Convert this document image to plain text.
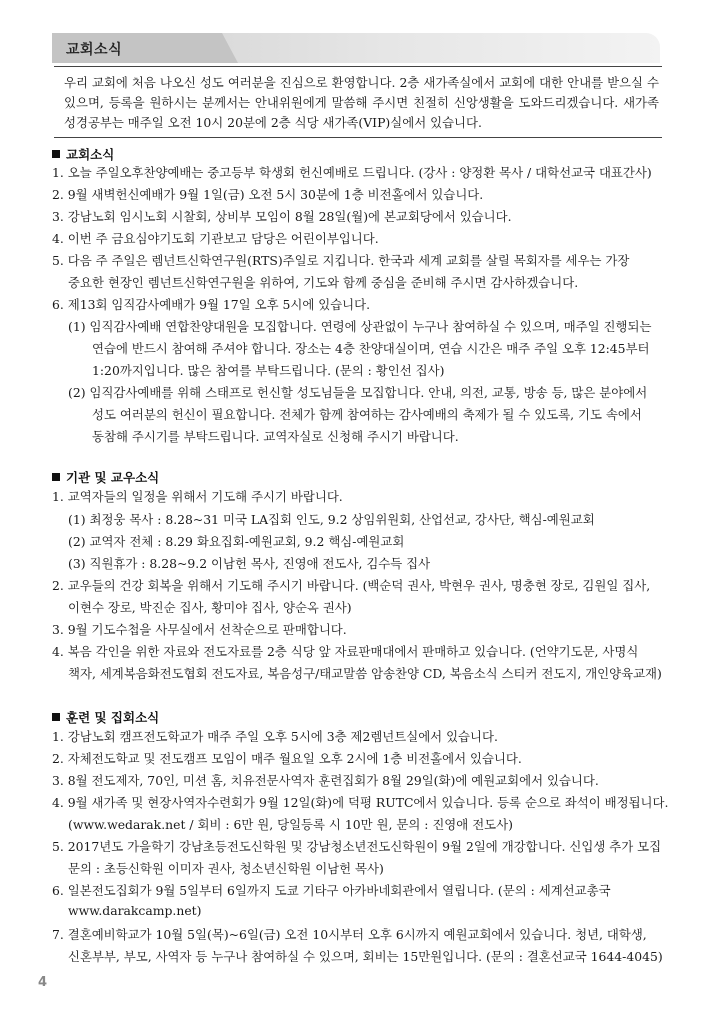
교회소식
우리 교회에 처음 나오신 성도 여러분을 진심으로 환영합니다. 2층 새가족실에서 교회에 대한 안내를 받으실 수 있으며, 등록을 원하시는 분께서는 안내위원에게 말씀해 주시면 친절히 신앙생활을 도와드리겠습니다. 새가족 성경공부는 매주일 오전 10시 20분에 2층 식당 새가족(VIP)실에서 있습니다.
교회소식
1. 오늘 주일오후찬양예배는 중고등부 학생회 헌신예배로 드립니다. (강사 : 양정환 목사 / 대학선교국 대표간사)
2. 9월 새벽헌신예배가 9월 1일(금) 오전 5시 30분에 1층 비전홀에서 있습니다.
3. 강남노회 임시노회 시찰회, 상비부 모임이 8월 28일(월)에 본교회당에서 있습니다.
4. 이번 주 금요심야기도회 기관보고 담당은 어린이부입니다.
5. 다음 주 주일은 렘넌트신학연구원(RTS)주일로 지킵니다. 한국과 세계 교회를 살릴 목회자를 세우는 가장
중요한 현장인 렘넌트신학연구원을 위하여, 기도와 함께 중심을 준비해 주시면 감사하겠습니다.
6. 제13회 임직감사예배가 9월 17일 오후 5시에 있습니다.
(1) 임직감사예배 연합찬양대원을 모집합니다. 연령에 상관없이 누구나 참여하실 수 있으며, 매주일 진행되는
연습에 반드시 참여해 주셔야 합니다. 장소는 4층 찬양대실이며, 연습 시간은 매주 주일 오후 12:45부터
1:20까지입니다. 많은 참여를 부탁드립니다. (문의 : 황인선 집사)
(2) 임직감사예배를 위해 스태프로 헌신할 성도님들을 모집합니다. 안내, 의전, 교통, 방송 등, 많은 분야에서
성도 여러분의 헌신이 필요합니다. 전체가 함께 참여하는 감사예배의 축제가 될 수 있도록, 기도 속에서
동참해 주시기를 부탁드립니다. 교역자실로 신청해 주시기 바랍니다.
기관 및 교우소식
1. 교역자들의 일정을 위해서 기도해 주시기 바랍니다.
(1) 최정웅 목사 : 8.28~31 미국 LA집회 인도, 9.2 상임위원회, 산업선교, 강사단, 핵심-예원교회
(2) 교역자 전체 : 8.29 화요집회-예원교회, 9.2 핵심-예원교회
(3) 직원휴가 : 8.28~9.2 이남헌 목사, 진영애 전도사, 김수득 집사
2. 교우들의 건강 회복을 위해서 기도해 주시기 바랍니다. (백순덕 권사, 박현우 권사, 명충현 장로, 김원일 집사,
이현수 장로, 박진순 집사, 황미야 집사, 양순옥 권사)
3. 9월 기도수첩을 사무실에서 선착순으로 판매합니다.
4. 복음 각인을 위한 자료와 전도자료를 2층 식당 앞 자료판매대에서 판매하고 있습니다. (언약기도문, 사명식
책자, 세계복음화전도협회 전도자료, 복음성구/태교말씀 암송찬양 CD, 복음소식 스티커 전도지, 개인양육교재)
훈련 및 집회소식
1. 강남노회 캠프전도학교가 매주 주일 오후 5시에 3층 제2렘넌트실에서 있습니다.
2. 자체전도학교 및 전도캠프 모임이 매주 월요일 오후 2시에 1층 비전홀에서 있습니다.
3. 8월 전도제자, 70인, 미션 홈, 치유전문사역자 훈련집회가 8월 29일(화)에 예원교회에서 있습니다.
4. 9월 새가족 및 현장사역자수련회가 9월 12일(화)에 덕평 RUTC에서 있습니다. 등록 순으로 좌석이 배정됩니다.
(www.wedarak.net / 회비 : 6만 원, 당일등록 시 10만 원, 문의 : 진영애 전도사)
5. 2017년도 가을학기 강남초등전도신학원 및 강남청소년전도신학원이 9월 2일에 개강합니다. 신입생 추가 모집
문의 : 초등신학원 이미자 권사, 청소년신학원 이남헌 목사)
6. 일본전도집회가 9월 5일부터 6일까지 도쿄 기타구 아카바네회관에서 열립니다. (문의 : 세계선교총국
www.darakcamp.net)
7. 결혼예비학교가 10월 5일(목)~6일(금) 오전 10시부터 오후 6시까지 예원교회에서 있습니다. 청년, 대학생,
신혼부부, 부모, 사역자 등 누구나 참여하실 수 있으며, 회비는 15만원입니다. (문의 : 결혼선교국 1644-4045)
4
